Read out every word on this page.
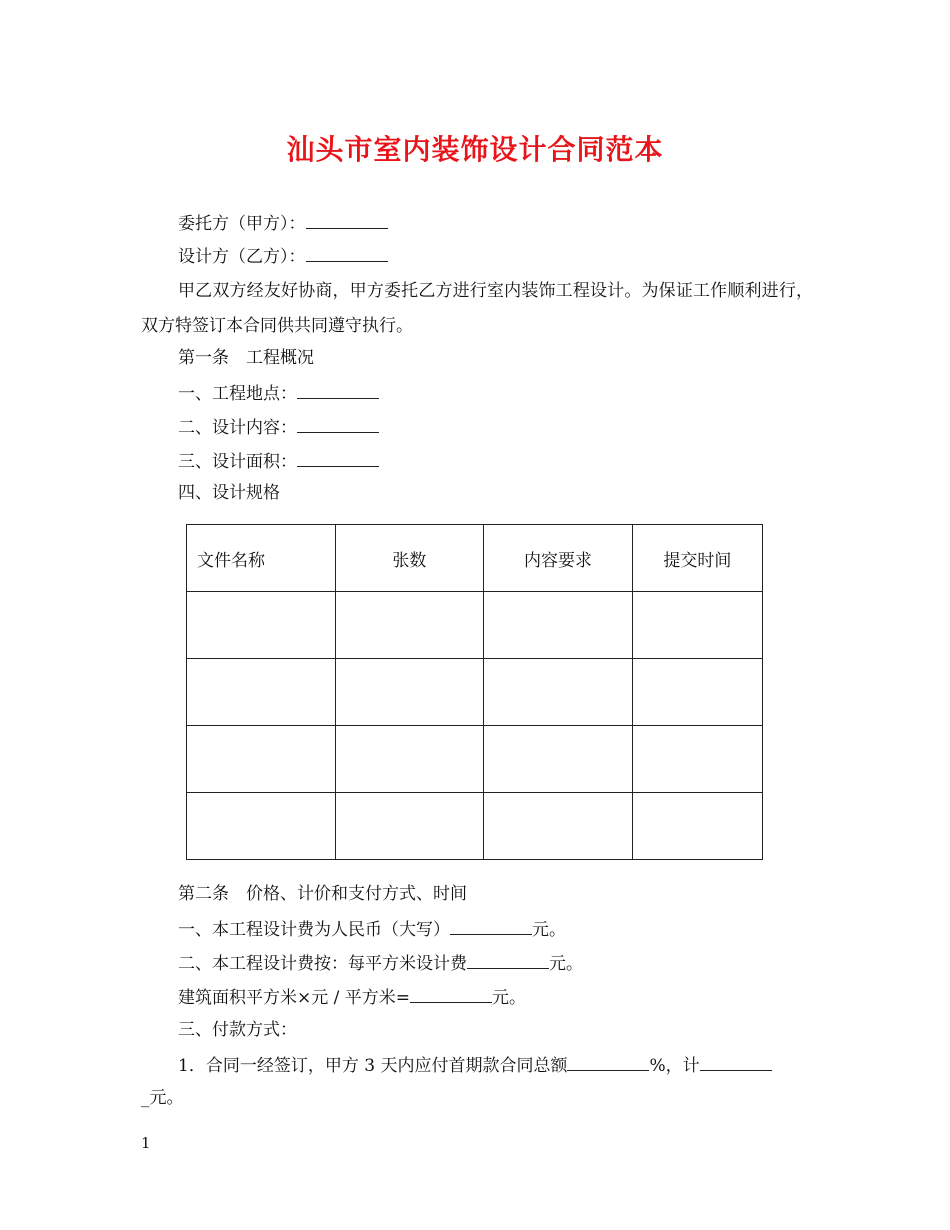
汕头市室内装饰设计合同范本
委托方（甲方）：
设计方（乙方）：
甲乙双方经友好协商，甲方委托乙方进行室内装饰工程设计。为保证工作顺利进行，双方特签订本合同供共同遵守执行。
第一条　工程概况
一、工程地点：
二、设计内容：
三、设计面积：
四、设计规格
文件名称	张数	内容要求	提交时间

第二条　价格、计价和支付方式、时间
一、本工程设计费为人民币（大写）	元。
二、本工程设计费按：每平方米设计费	元。
建筑面积平方米×元 / 平方米=	元。
三、付款方式：
1．合同一经签订，甲方 3 天内应付首期款合同总额	%，计
_元。
1
